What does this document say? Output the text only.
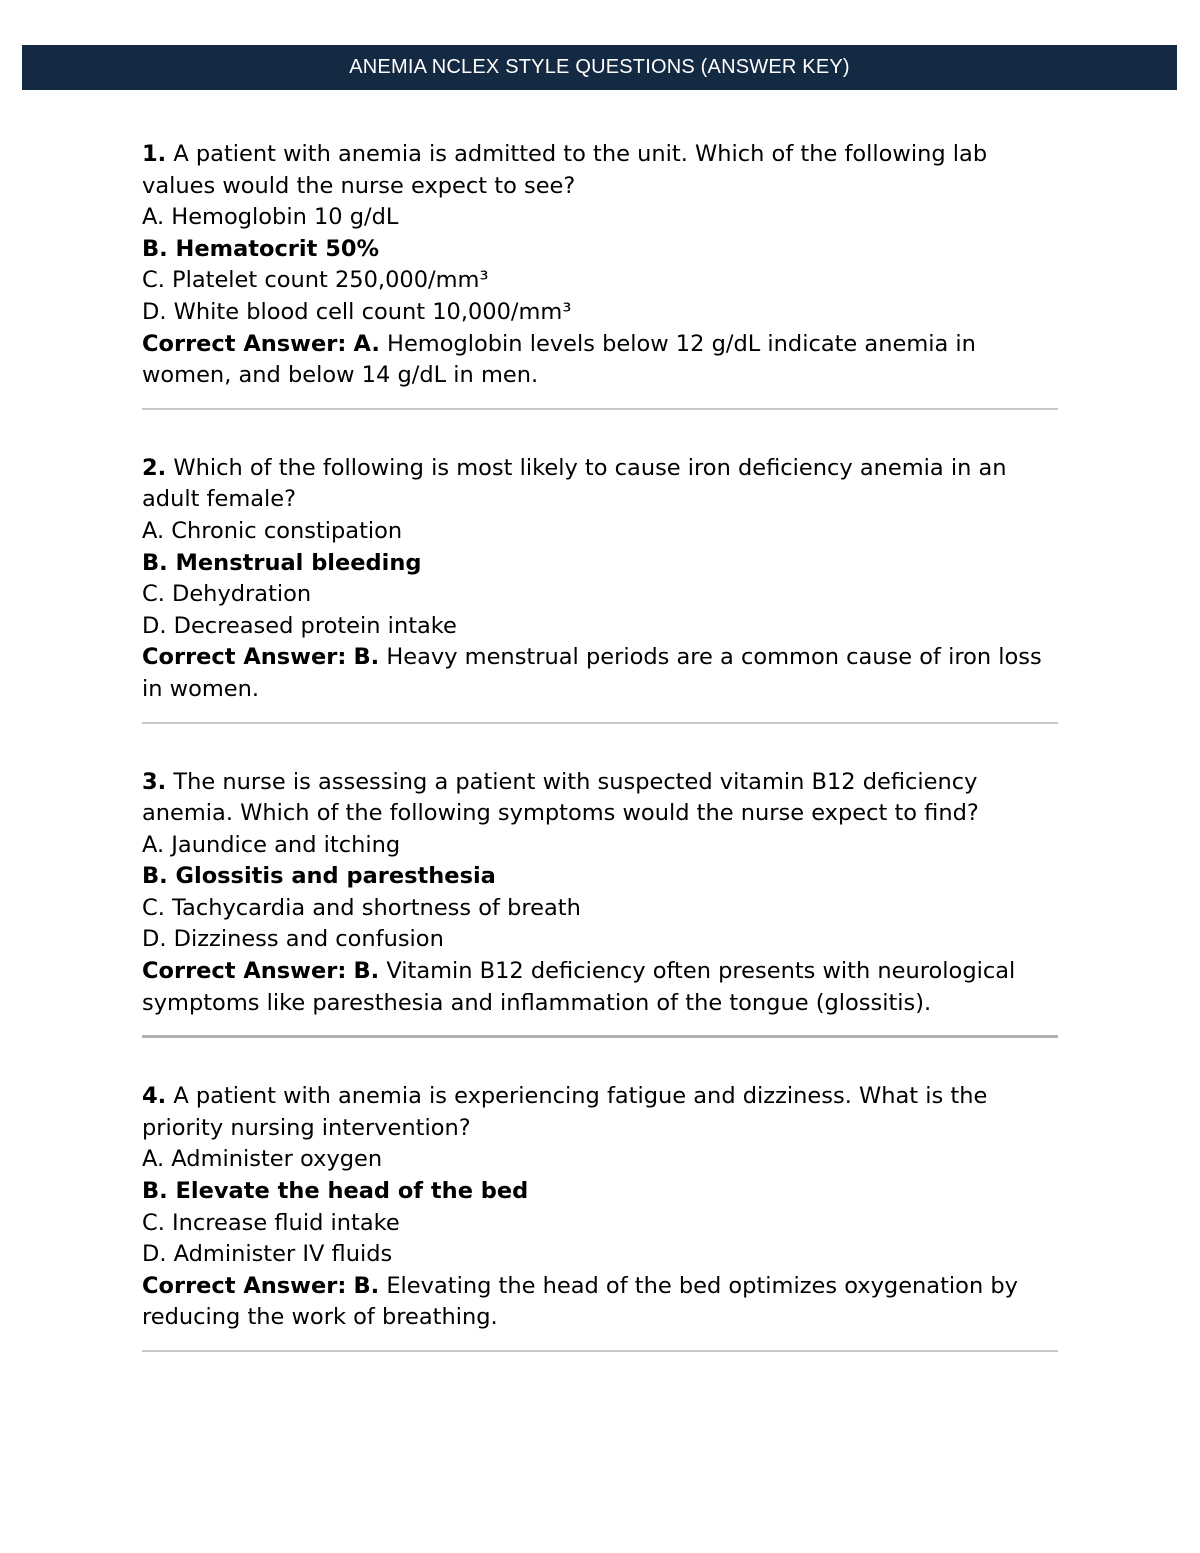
ANEMIA NCLEX STYLE QUESTIONS (ANSWER KEY)

1. A patient with anemia is admitted to the unit. Which of the following lab values would the nurse expect to see?

A. Hemoglobin 10 g/dL

B. Hematocrit 50%

C. Platelet count 250,000/mm³

D. White blood cell count 10,000/mm³

Correct Answer: A. Hemoglobin levels below 12 g/dL indicate anemia in women, and below 14 g/dL in men.

2. Which of the following is most likely to cause iron deficiency anemia in an adult female?

A. Chronic constipation

B. Menstrual bleeding

C. Dehydration

D. Decreased protein intake

Correct Answer: B. Heavy menstrual periods are a common cause of iron loss in women.

3. The nurse is assessing a patient with suspected vitamin B12 deficiency anemia. Which of the following symptoms would the nurse expect to find?

A. Jaundice and itching

B. Glossitis and paresthesia

C. Tachycardia and shortness of breath

D. Dizziness and confusion

Correct Answer: B. Vitamin B12 deficiency often presents with neurological symptoms like paresthesia and inflammation of the tongue (glossitis).

4. A patient with anemia is experiencing fatigue and dizziness. What is the priority nursing intervention?

A. Administer oxygen

B. Elevate the head of the bed

C. Increase fluid intake

D. Administer IV fluids

Correct Answer: B. Elevating the head of the bed optimizes oxygenation by reducing the work of breathing.
